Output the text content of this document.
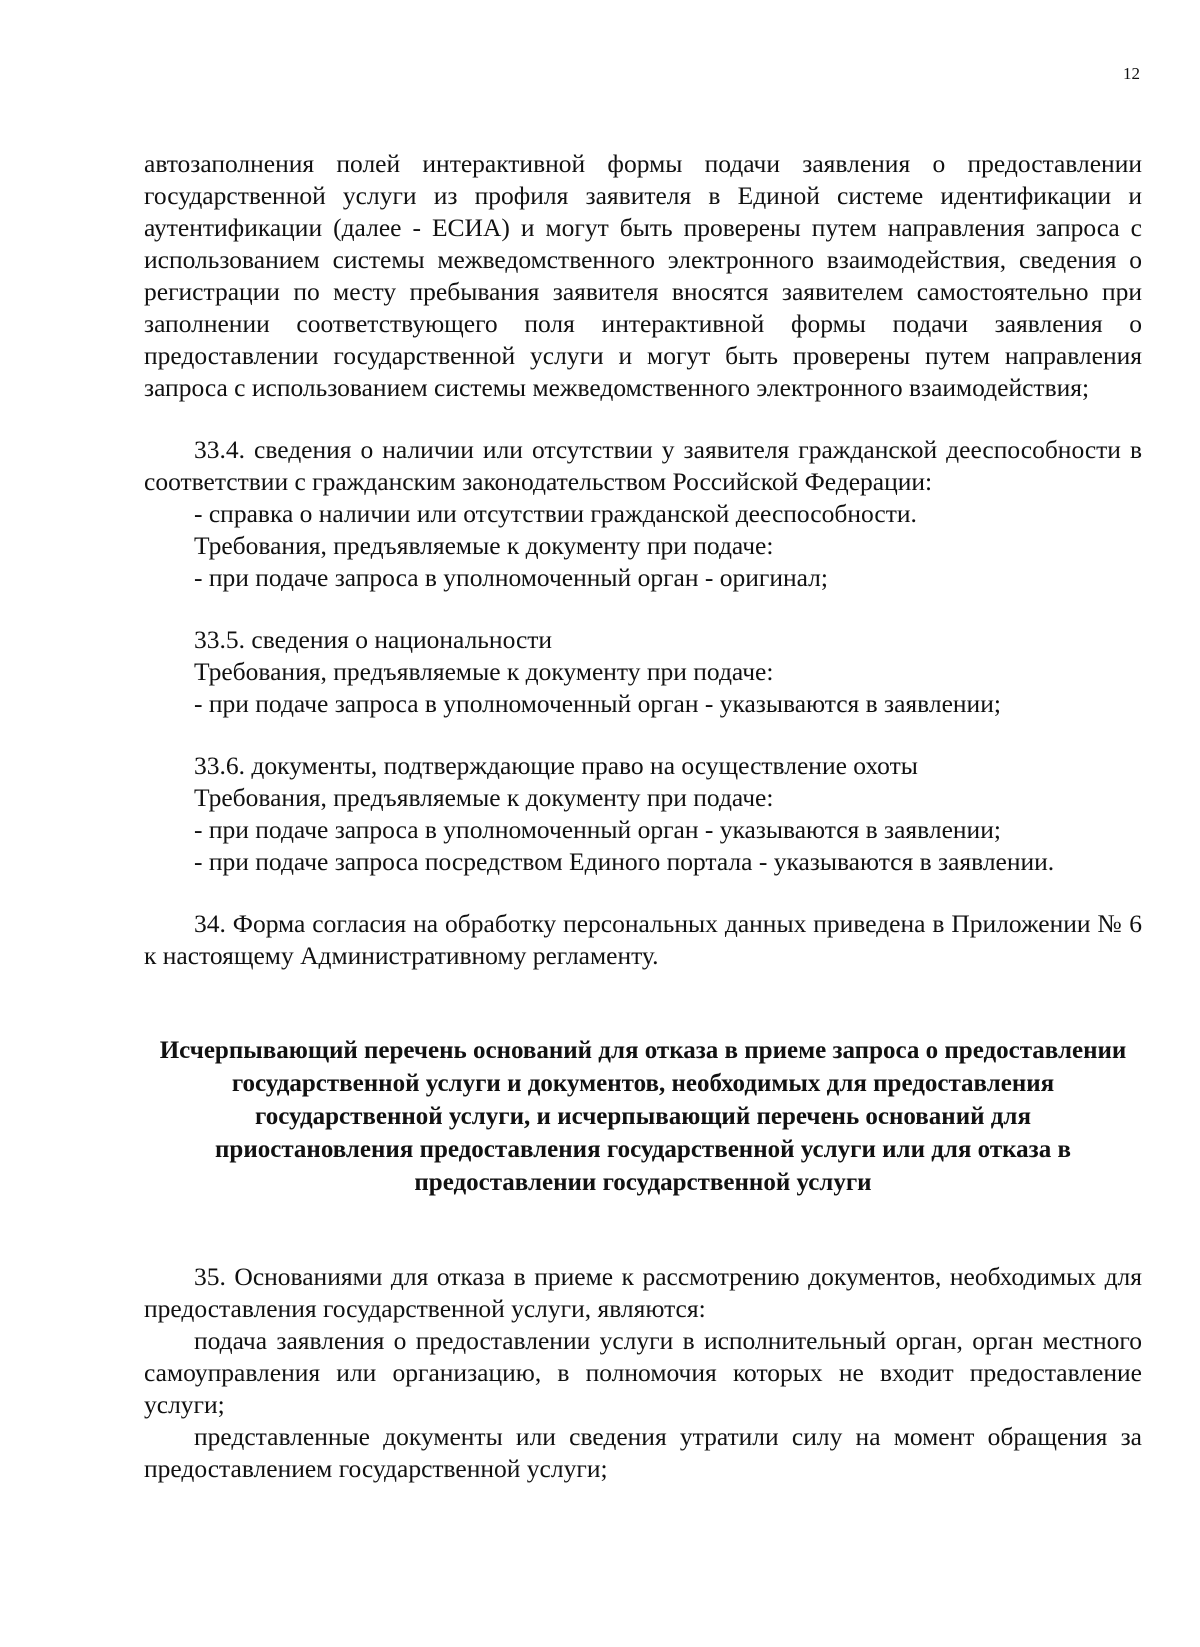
12

автозаполнения полей интерактивной формы подачи заявления о предоставлении государственной услуги из профиля заявителя в Единой системе идентификации и аутентификации (далее - ЕСИА) и могут быть проверены путем направления запроса с использованием системы межведомственного электронного взаимодействия, сведения о регистрации по месту пребывания заявителя вносятся заявителем самостоятельно при заполнении соответствующего поля интерактивной формы подачи заявления о предоставлении государственной услуги и могут быть проверены путем направления запроса с использованием системы межведомственного электронного взаимодействия;

33.4. сведения о наличии или отсутствии у заявителя гражданской дееспособности в соответствии с гражданским законодательством Российской Федерации:

- справка о наличии или отсутствии гражданской дееспособности.

Требования, предъявляемые к документу при подаче:

- при подаче запроса в уполномоченный орган - оригинал;

33.5. сведения о национальности

Требования, предъявляемые к документу при подаче:

- при подаче запроса в уполномоченный орган - указываются в заявлении;

33.6. документы, подтверждающие право на осуществление охоты

Требования, предъявляемые к документу при подаче:

- при подаче запроса в уполномоченный орган - указываются в заявлении;

- при подаче запроса посредством Единого портала - указываются в заявлении.

34. Форма согласия на обработку персональных данных приведена в Приложении № 6 к настоящему Административному регламенту.

Исчерпывающий перечень оснований для отказа в приеме запроса о предоставлении государственной услуги и документов, необходимых для предоставления государственной услуги, и исчерпывающий перечень оснований для приостановления предоставления государственной услуги или для отказа в предоставлении государственной услуги

35. Основаниями для отказа в приеме к рассмотрению документов, необходимых для предоставления государственной услуги, являются:

подача заявления о предоставлении услуги в исполнительный орган, орган местного самоуправления или организацию, в полномочия которых не входит предоставление услуги;

представленные документы или сведения утратили силу на момент обращения за предоставлением государственной услуги;
